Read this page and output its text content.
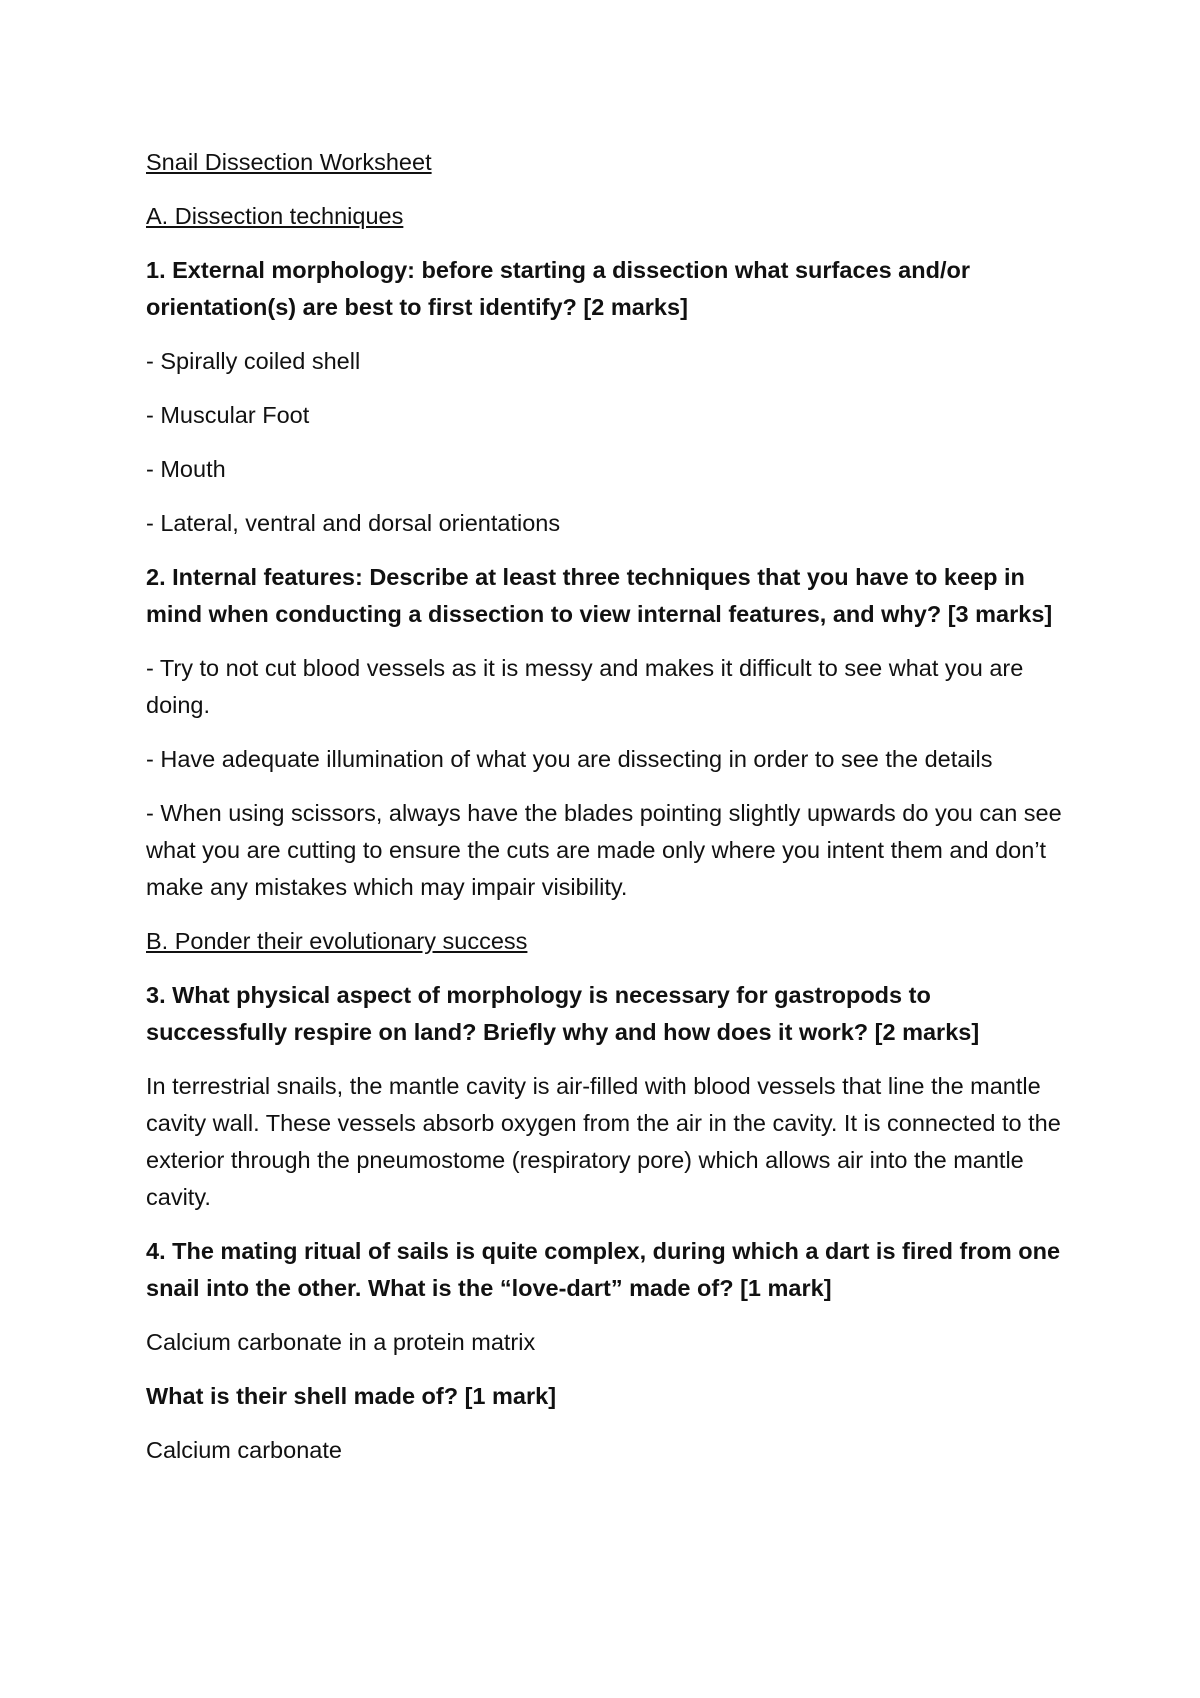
Snail Dissection Worksheet

A. Dissection techniques

1. External morphology: before starting a dissection what surfaces and/or orientation(s) are best to first identify? [2 marks]

- Spirally coiled shell

- Muscular Foot

- Mouth

- Lateral, ventral and dorsal orientations

2. Internal features: Describe at least three techniques that you have to keep in mind when conducting a dissection to view internal features, and why? [3 marks]

- Try to not cut blood vessels as it is messy and makes it difficult to see what you are doing.

- Have adequate illumination of what you are dissecting in order to see the details

- When using scissors, always have the blades pointing slightly upwards do you can see what you are cutting to ensure the cuts are made only where you intent them and don’t make any mistakes which may impair visibility.

B. Ponder their evolutionary success

3. What physical aspect of morphology is necessary for gastropods to successfully respire on land? Briefly why and how does it work? [2 marks]

In terrestrial snails, the mantle cavity is air-filled with blood vessels that line the mantle cavity wall. These vessels absorb oxygen from the air in the cavity. It is connected to the exterior through the pneumostome (respiratory pore) which allows air into the mantle cavity.

4. The mating ritual of sails is quite complex, during which a dart is fired from one snail into the other. What is the “love-dart” made of? [1 mark]

Calcium carbonate in a protein matrix

What is their shell made of? [1 mark]

Calcium carbonate
